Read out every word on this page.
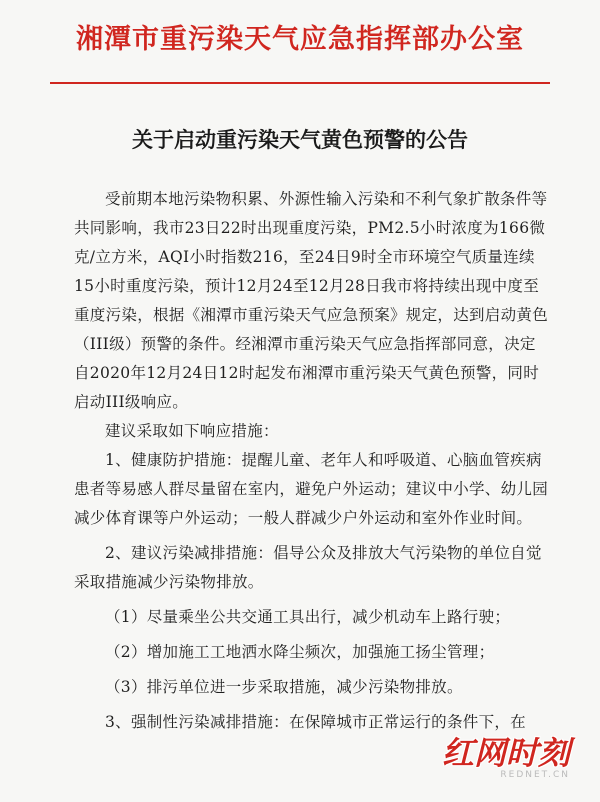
湘潭市重污染天气应急指挥部办公室
关于启动重污染天气黄色预警的公告

受前期本地污染物积累、外源性输入污染和不利气象扩散条件等共同影响，我市23日22时出现重度污染，PM2.5小时浓度为166微克/立方米，AQI小时指数216，至24日9时全市环境空气质量连续15小时重度污染，预计12月24至12月28日我市将持续出现中度至重度污染，根据《湘潭市重污染天气应急预案》规定，达到启动黄色（III级）预警的条件。经湘潭市重污染天气应急指挥部同意，决定自2020年12月24日12时起发布湘潭市重污染天气黄色预警，同时启动III级响应。

建议采取如下响应措施：

1、健康防护措施：提醒儿童、老年人和呼吸道、心脑血管疾病患者等易感人群尽量留在室内，避免户外运动；建议中小学、幼儿园减少体育课等户外运动；一般人群减少户外运动和室外作业时间。

2、建议污染减排措施：倡导公众及排放大气污染物的单位自觉采取措施减少污染物排放。

（1）尽量乘坐公共交通工具出行，减少机动车上路行驶；

（2）增加施工工地洒水降尘频次，加强施工扬尘管理；

（3）排污单位进一步采取措施，减少污染物排放。

3、强制性污染减排措施：在保障城市正常运行的条件下，在

红网时刻
REDNET.CN
